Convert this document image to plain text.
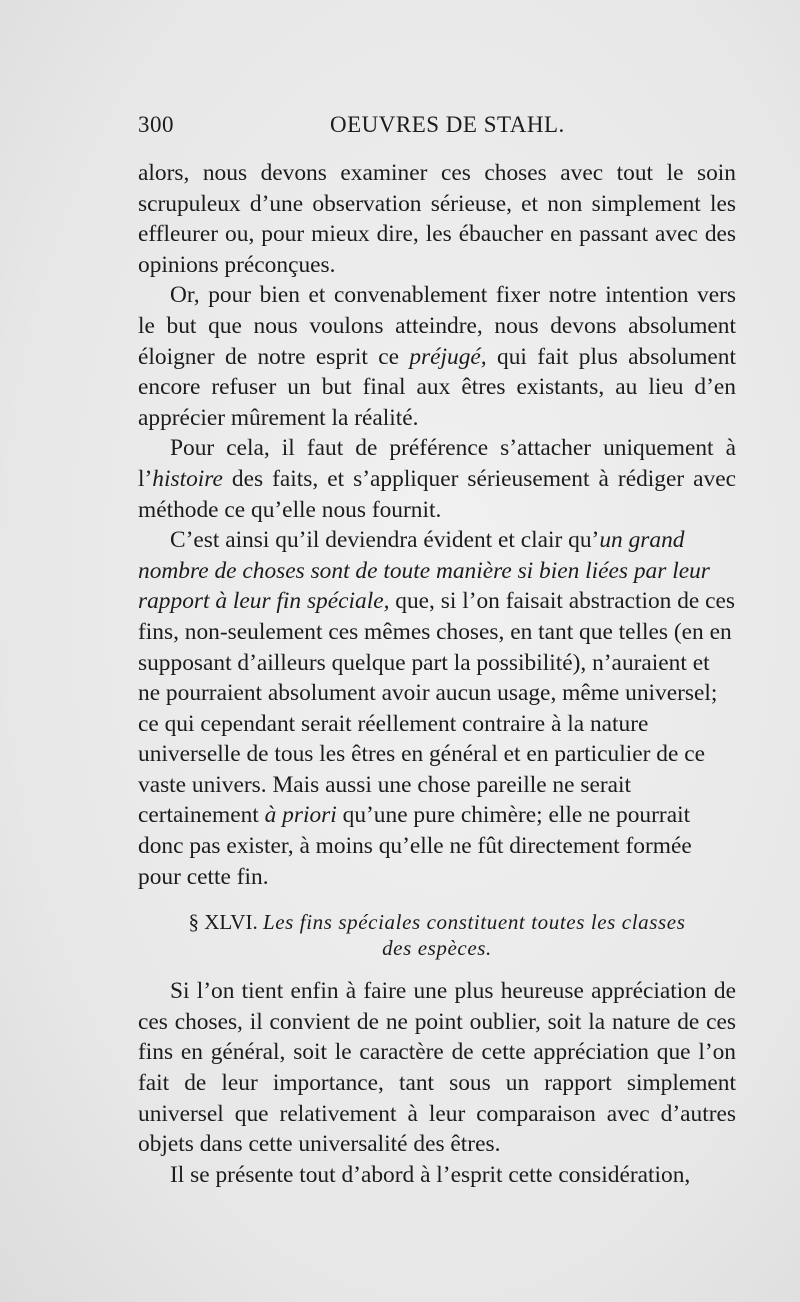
300	OEUVRES DE STAHL.

alors, nous devons examiner ces choses avec tout le soin scrupuleux d’une observation sérieuse, et non simplement les effleurer ou, pour mieux dire, les ébaucher en passant avec des opinions préconçues.

Or, pour bien et convenablement fixer notre intention vers le but que nous voulons atteindre, nous devons absolument éloigner de notre esprit ce préjugé, qui fait plus absolument encore refuser un but final aux êtres existants, au lieu d’en apprécier mûrement la réalité.

Pour cela, il faut de préférence s’attacher uniquement à l’histoire des faits, et s’appliquer sérieusement à rédiger avec méthode ce qu’elle nous fournit.

C’est ainsi qu’il deviendra évident et clair qu’un grand nombre de choses sont de toute manière si bien liées par leur rapport à leur fin spéciale, que, si l’on faisait abstraction de ces fins, non-seulement ces mêmes choses, en tant que telles (en en supposant d’ailleurs quelque part la possibilité), n’auraient et ne pourraient absolument avoir aucun usage, même universel; ce qui cependant serait réellement contraire à la nature universelle de tous les êtres en général et en particulier de ce vaste univers. Mais aussi une chose pareille ne serait certainement à priori qu’une pure chimère; elle ne pourrait donc pas exister, à moins qu’elle ne fût directement formée pour cette fin.

§ XLVI. Les fins spéciales constituent toutes les classes
des espèces.

Si l’on tient enfin à faire une plus heureuse appréciation de ces choses, il convient de ne point oublier, soit la nature de ces fins en général, soit le caractère de cette appréciation que l’on fait de leur importance, tant sous un rapport simplement universel que relativement à leur comparaison avec d’autres objets dans cette universalité des êtres.

Il se présente tout d’abord à l’esprit cette considération,
